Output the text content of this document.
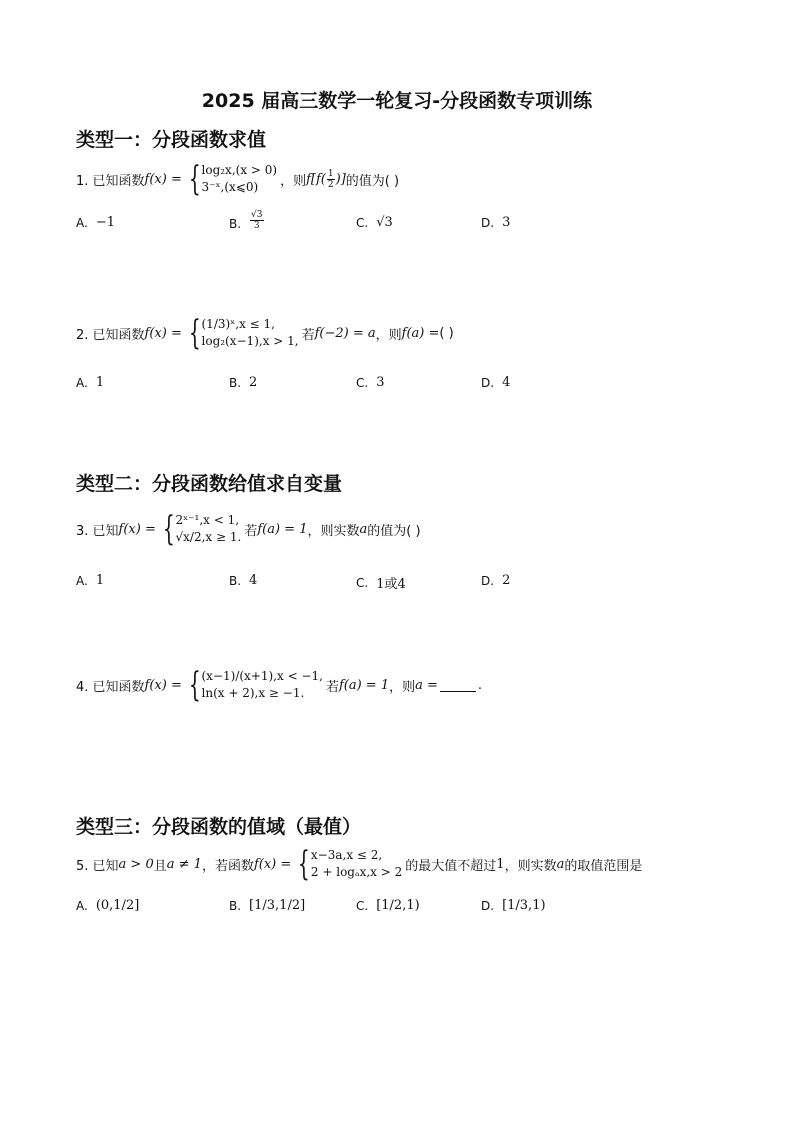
2025 届高三数学一轮复习-分段函数专项训练
类型一：分段函数求值
1. 已知函数 f(x) = { log₂x,(x > 0)
3⁻ˣ,(x⩽0)	，则 $f[f( \frac{1}{2}$ )] 的值为( )
A. −1	B. $\frac{√3}{3}$	C. √3	D. 3
2. 已知函数 f(x) = { (1/3)ˣ,x ≤ 1,
log₂(x−1),x > 1, 若 f(−2) = a ，则 f(a) = ( )
A. 1	B. 2	C. 3	D. 4
类型二：分段函数给值求自变量
3. 已知 f(x) = { 2ˣ⁻¹,x < 1,
√x/2,x ≥ 1. 若 f(a) = 1 ，则实数 a 的值为( )
A. 1	B. 4	C. 1或4	D. 2
4. 已知函数 f(x) = { (x−1)/(x+1),x < −1,
ln(x + 2),x ≥ −1.	若 f(a) = 1 ，则 a =	.
类型三：分段函数的值域（最值）
5. 已知 a > 0 且 a ≠ 1 ，若函数 f(x) = { x−3a,x ≤ 2,
2 + logₐx,x > 2 的最大值不超过 1 ，则实数 a 的取值范围是
A. (0,1/2]	B. [1/3,1/2]	C. [1/2,1)	D. [1/3,1)
